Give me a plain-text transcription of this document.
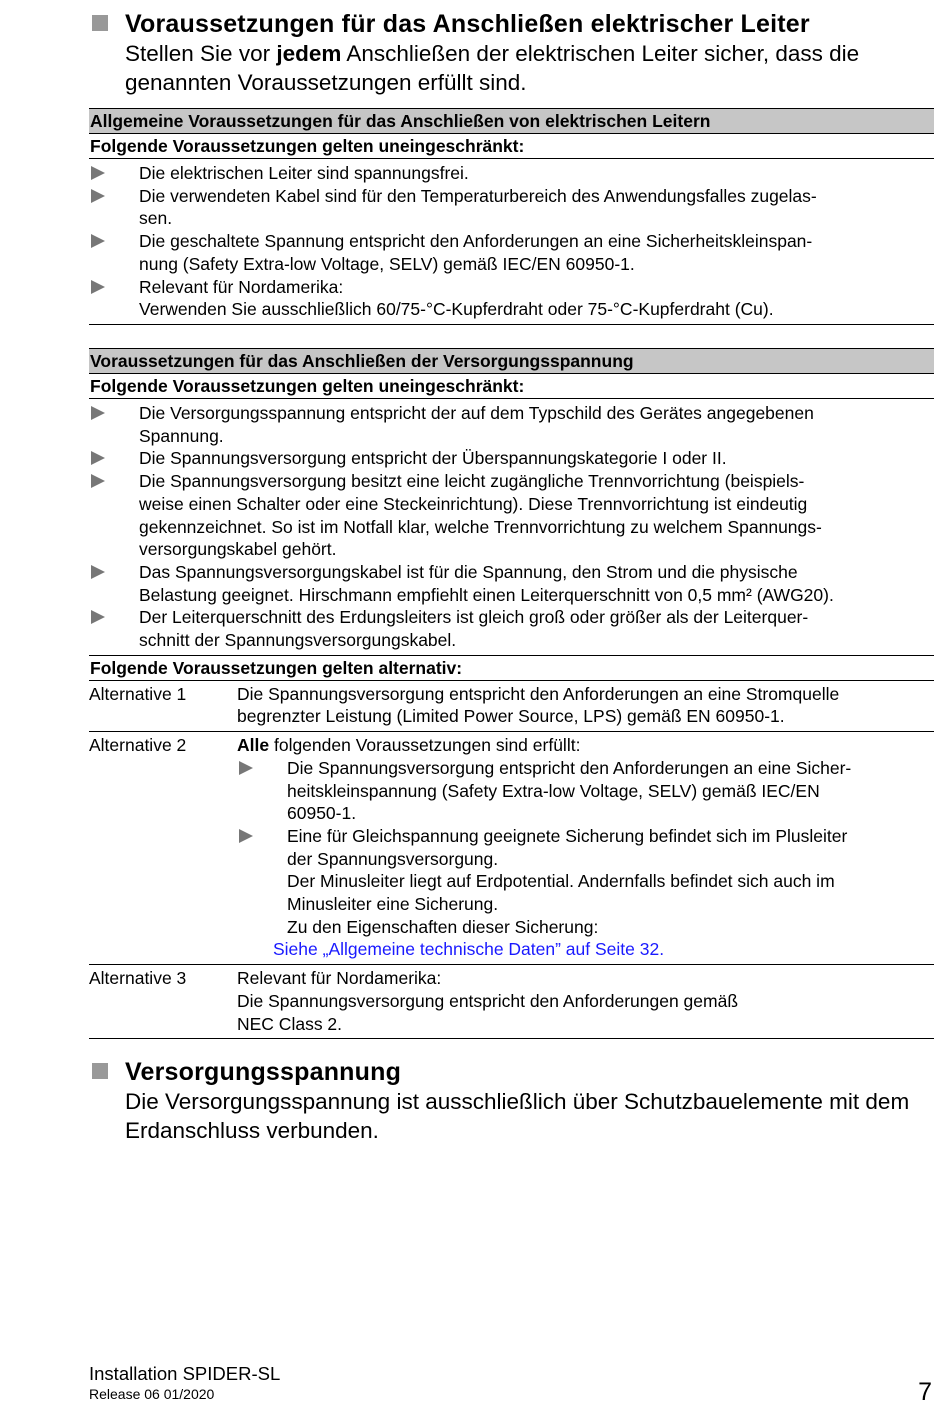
Voraussetzungen für das Anschließen elektrischer Leiter
Stellen Sie vor jedem Anschließen der elektrischen Leiter sicher, dass die genannten Voraussetzungen erfüllt sind.
Allgemeine Voraussetzungen für das Anschließen von elektrischen Leitern
Folgende Voraussetzungen gelten uneingeschränkt:
Die elektrischen Leiter sind spannungsfrei.
Die verwendeten Kabel sind für den Temperaturbereich des Anwendungsfalles zugelas-
sen.
Die geschaltete Spannung entspricht den Anforderungen an eine Sicherheitskleinspan-
nung (Safety Extra-low Voltage, SELV) gemäß IEC/EN 60950-1.
Relevant für Nordamerika:
Verwenden Sie ausschließlich 60/75-°C-Kupferdraht oder 75-°C-Kupferdraht (Cu).
Voraussetzungen für das Anschließen der Versorgungsspannung
Folgende Voraussetzungen gelten uneingeschränkt:
Die Versorgungsspannung entspricht der auf dem Typschild des Gerätes angegebenen
Spannung.
Die Spannungsversorgung entspricht der Überspannungskategorie I oder II.
Die Spannungsversorgung besitzt eine leicht zugängliche Trennvorrichtung (beispiels-
weise einen Schalter oder eine Steckeinrichtung). Diese Trennvorrichtung ist eindeutig
gekennzeichnet. So ist im Notfall klar, welche Trennvorrichtung zu welchem Spannungs-
versorgungskabel gehört.
Das Spannungsversorgungskabel ist für die Spannung, den Strom und die physische
Belastung geeignet. Hirschmann empfiehlt einen Leiterquerschnitt von 0,5 mm² (AWG20).
Der Leiterquerschnitt des Erdungsleiters ist gleich groß oder größer als der Leiterquer-
schnitt der Spannungsversorgungskabel.
Folgende Voraussetzungen gelten alternativ:
Alternative 1	Die Spannungsversorgung entspricht den Anforderungen an eine Stromquelle
begrenzter Leistung (Limited Power Source, LPS) gemäß EN 60950-1.
Alternative 2	Alle folgenden Voraussetzungen sind erfüllt:
Die Spannungsversorgung entspricht den Anforderungen an eine Sicher-
heitskleinspannung (Safety Extra-low Voltage, SELV) gemäß IEC/EN
60950-1.
Eine für Gleichspannung geeignete Sicherung befindet sich im Plusleiter
der Spannungsversorgung.
Der Minusleiter liegt auf Erdpotential. Andernfalls befindet sich auch im
Minusleiter eine Sicherung.
Zu den Eigenschaften dieser Sicherung:
Siehe „Allgemeine technische Daten” auf Seite 32.
Alternative 3	Relevant für Nordamerika:
Die Spannungsversorgung entspricht den Anforderungen gemäß
NEC Class 2.
Versorgungsspannung
Die Versorgungsspannung ist ausschließlich über Schutzbauelemente mit dem Erdanschluss verbunden.
Installation SPIDER-SL
Release 06 01/2020	7
